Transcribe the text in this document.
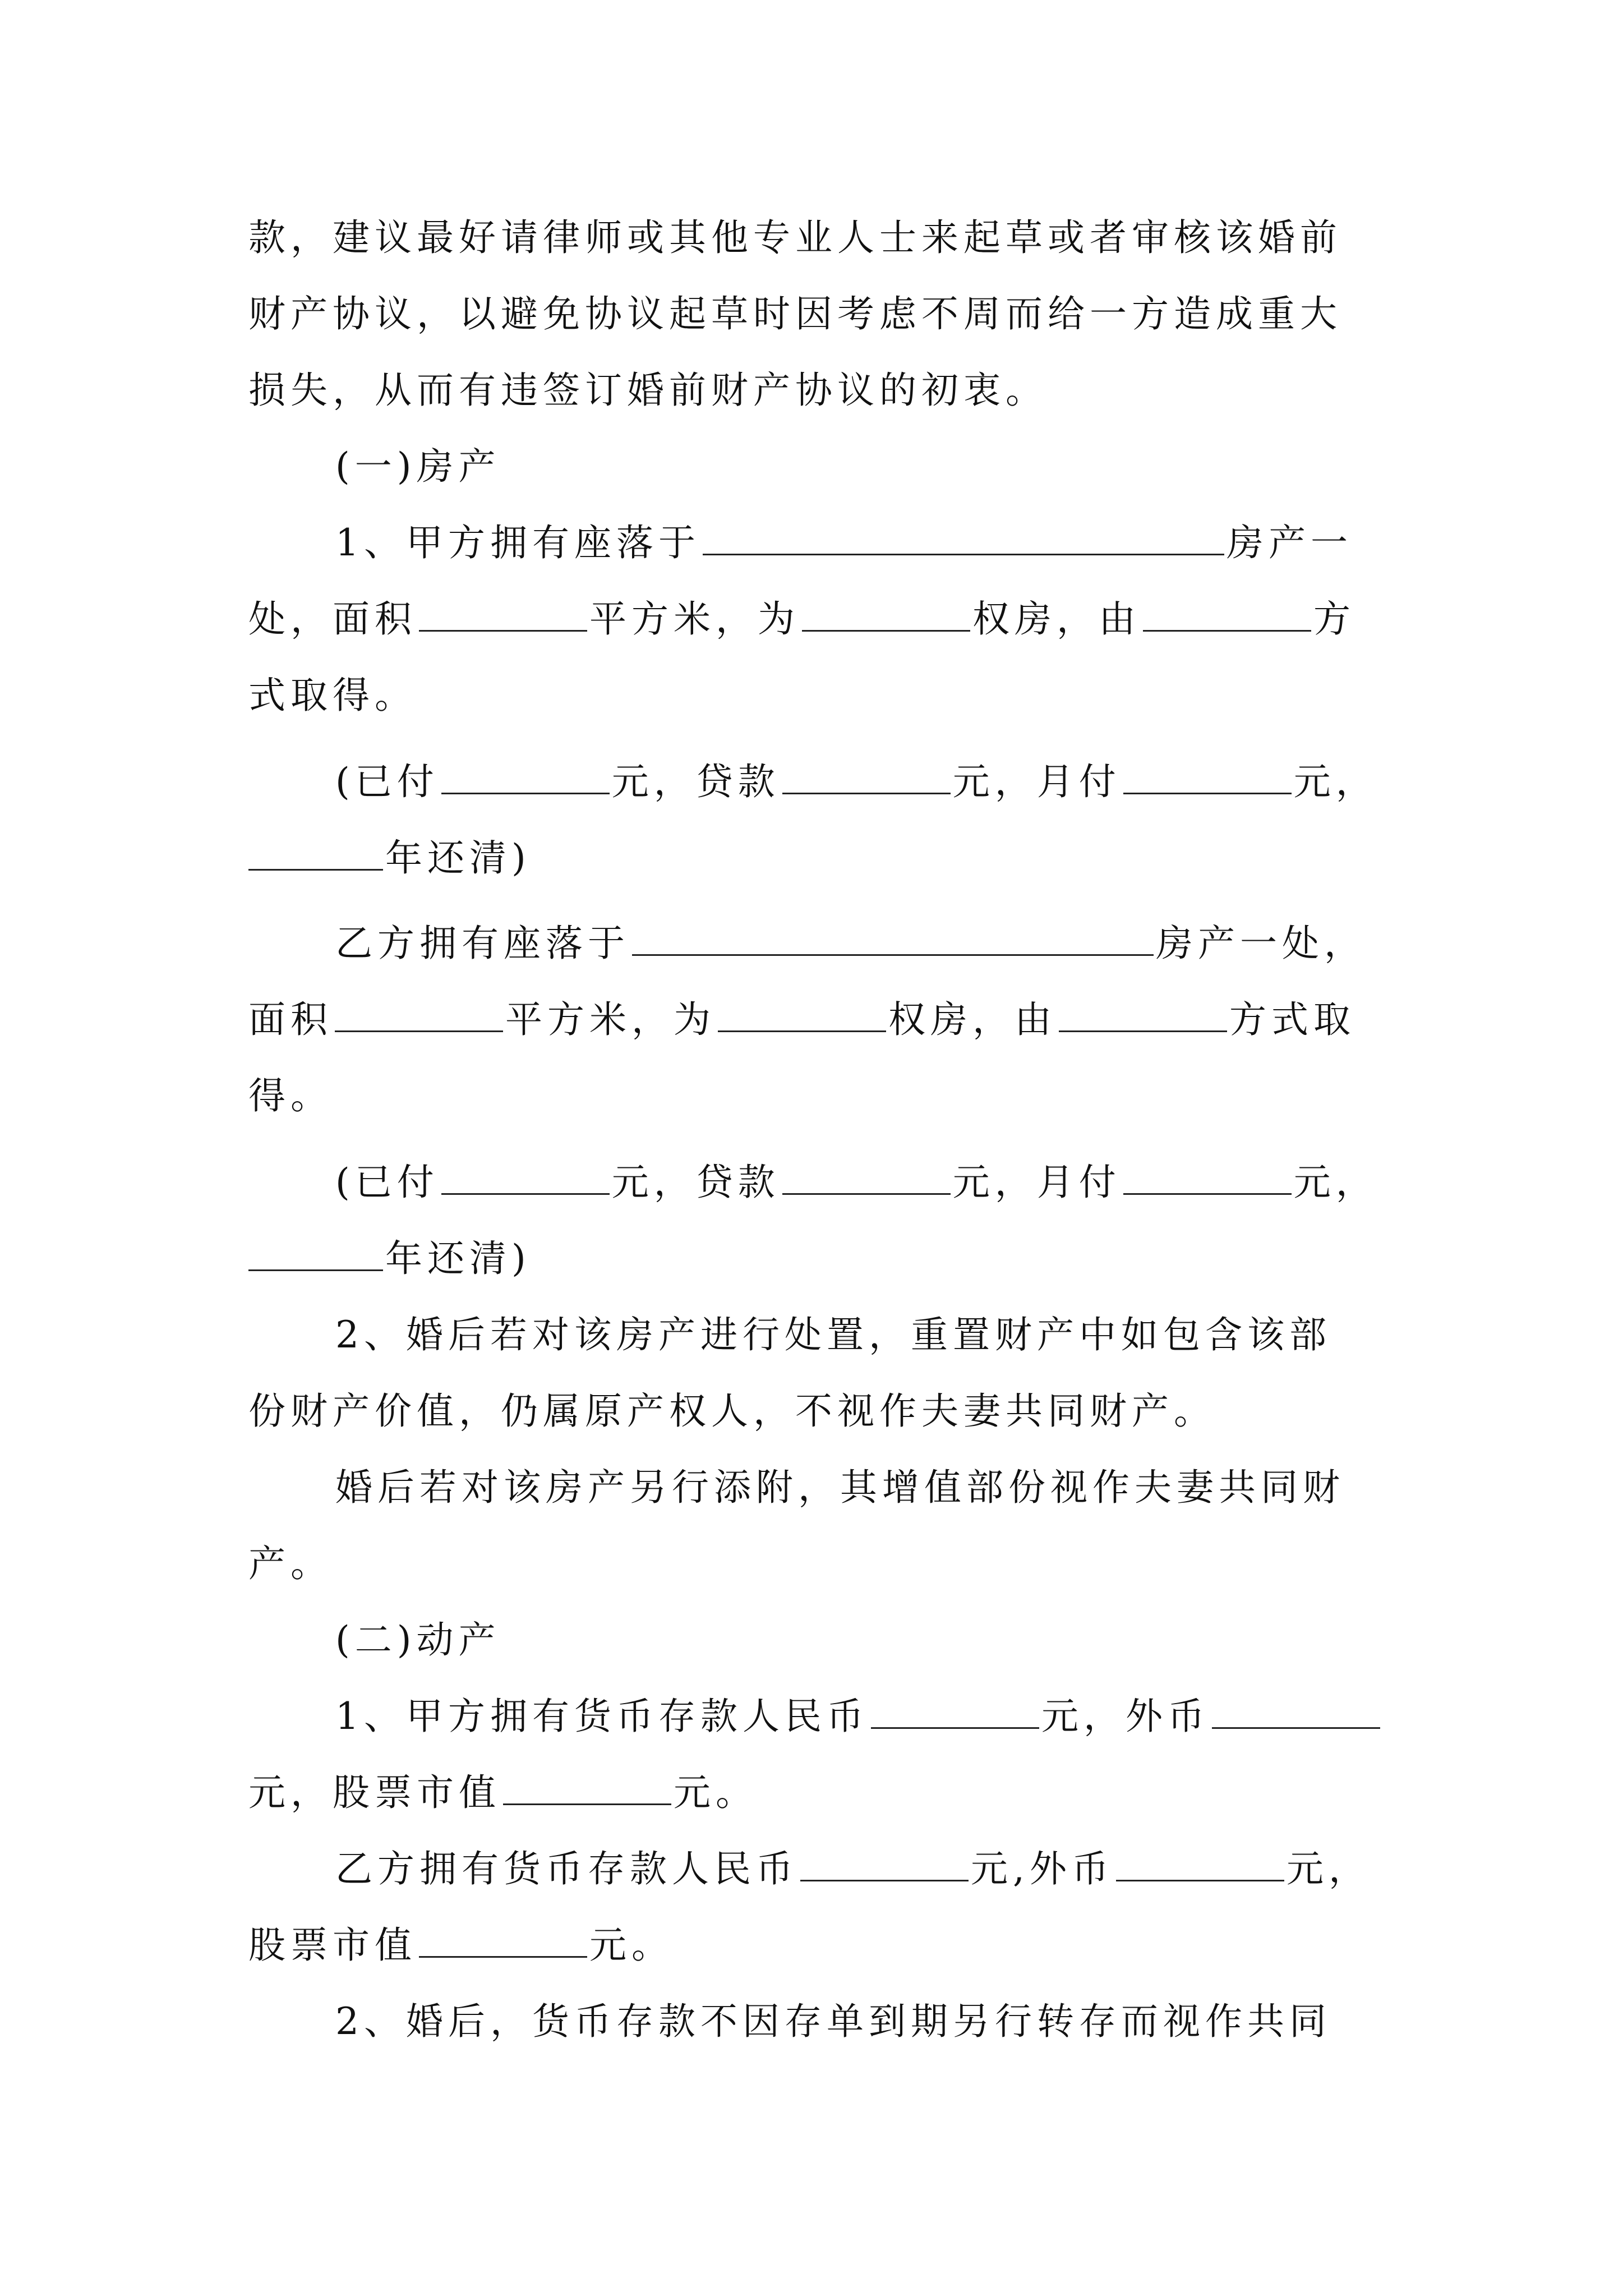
款，建议最好请律师或其他专业人士来起草或者审核该婚前
财产协议，以避免协议起草时因考虑不周而给一方造成重大
损失，从而有违签订婚前财产协议的初衷。
(一)房产
1、甲方拥有座落于	房产一
处，面积	平方米，为	权房，由	方
式取得。
(已付	元，贷款	元，月付	元，
年还清)
乙方拥有座落于	房产一处，
面积	平方米，为	权房，由	方式取
得。
(已付	元，贷款	元，月付	元，
年还清)
2、婚后若对该房产进行处置，重置财产中如包含该部
份财产价值，仍属原产权人，不视作夫妻共同财产。
婚后若对该房产另行添附，其增值部份视作夫妻共同财
产。
(二)动产
1、甲方拥有货币存款人民币	元，外币
元，股票市值	元。
乙方拥有货币存款人民币	元,外币	元，
股票市值	元。
2、婚后，货币存款不因存单到期另行转存而视作共同
